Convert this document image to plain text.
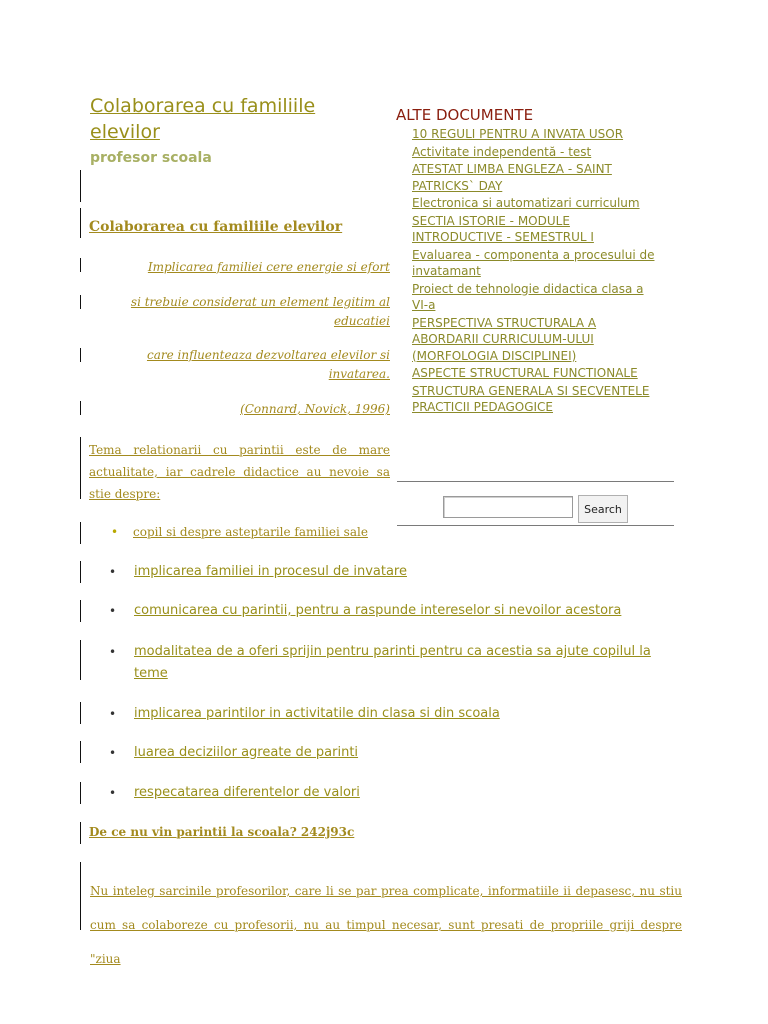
Colaborarea cu familiile elevilor
profesor scoala
Colaborarea cu familiile elevilor
Implicarea familiei cere energie si efort
si trebuie considerat un element legitim al educatiei
care influenteaza dezvoltarea elevilor si invatarea.
(Connard, Novick, 1996)

Tema relationarii cu parintii este de mare actualitate, iar cadrele didactice au nevoie sa stie despre:

•	copil si despre asteptarile familiei sale
•	implicarea familiei in procesul de invatare
•	comunicarea cu parintii, pentru a raspunde intereselor si nevoilor acestora
•	modalitatea de a oferi sprijin pentru parinti pentru ca acestia sa ajute copilul la teme
•	implicarea parintilor in activitatile din clasa si din scoala
•	luarea deciziilor agreate de parinti
•	respecatarea diferentelor de valori
De ce nu vin parintii la scoala? 242j93c

Nu inteleg sarcinile profesorilor, care li se par prea complicate, informatiile ii depasesc, nu stiu cum sa colaboreze cu profesorii, nu au timpul necesar, sunt presati de propriile griji despre "ziua

ALTE DOCUMENTE
10 REGULI PENTRU A INVATA USOR
Activitate independentă - test
ATESTAT LIMBA ENGLEZA - SAINT PATRICKS` DAY
Electronica si automatizari curriculum
SECTIA ISTORIE - MODULE INTRODUCTIVE - SEMESTRUL I
Evaluarea - componenta a procesului de invatamant
Proiect de tehnologie didactica clasa a VI-a
PERSPECTIVA STRUCTURALA A ABORDARII CURRICULUM-ULUI (MORFOLOGIA DISCIPLINEI)
ASPECTE STRUCTURAL FUNCTIONALE
STRUCTURA GENERALA SI SECVENTELE PRACTICII PEDAGOGICE
Search
